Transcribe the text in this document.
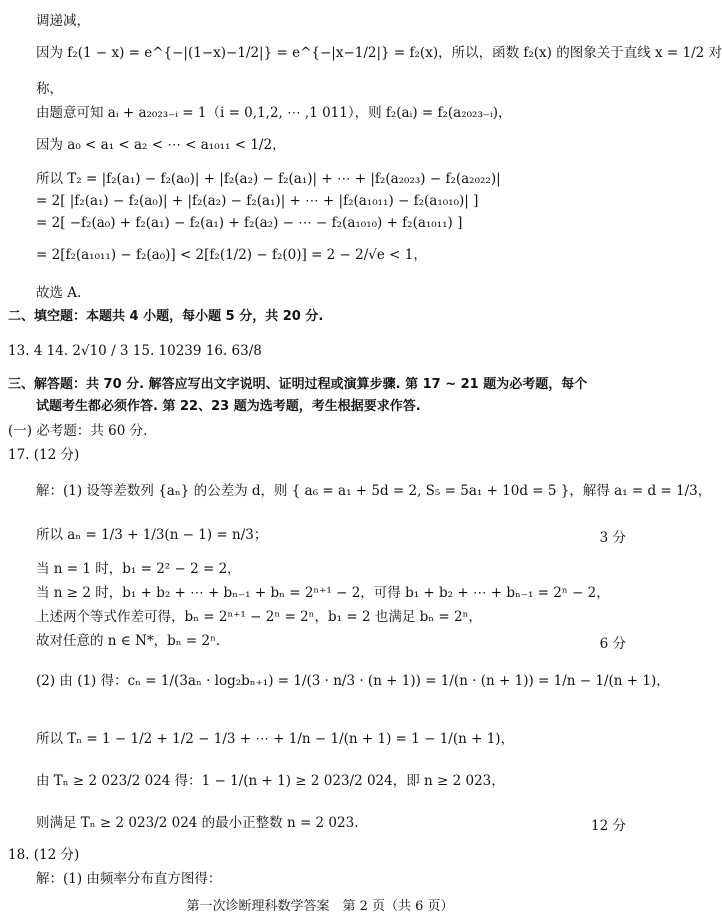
调递减，
因为 f₂(1 − x) = e^{−|(1−x)−1/2|} = e^{−|x−1/2|} = f₂(x)，所以，函数 f₂(x) 的图象关于直线 x = 1/2 对
称，
由题意可知 aᵢ + a₂₀₂₃₋ᵢ = 1（i = 0,1,2, ⋯ ,1 011），则 f₂(aᵢ) = f₂(a₂₀₂₃₋ᵢ)，
因为 a₀ < a₁ < a₂ < ⋯ < a₁₀₁₁ < 1/2，
所以 T₂ = |f₂(a₁) − f₂(a₀)| + |f₂(a₂) − f₂(a₁)| + ⋯ + |f₂(a₂₀₂₃) − f₂(a₂₀₂₂)|
= 2[ |f₂(a₁) − f₂(a₀)| + |f₂(a₂) − f₂(a₁)| + ⋯ + |f₂(a₁₀₁₁) − f₂(a₁₀₁₀)| ]
= 2[ −f₂(a₀) + f₂(a₁) − f₂(a₁) + f₂(a₂) − ⋯ − f₂(a₁₀₁₀) + f₂(a₁₀₁₁) ]
= 2[f₂(a₁₀₁₁) − f₂(a₀)] < 2[f₂(1/2) − f₂(0)] = 2 − 2/√e < 1，
故选 A.
二、填空题：本题共 4 小题，每小题 5 分，共 20 分.
13. 4 14. 2√10 / 3 15. 10239 16. 63/8
三、解答题：共 70 分. 解答应写出文字说明、证明过程或演算步骤. 第 17 ~ 21 题为必考题，每个
试题考生都必须作答. 第 22、23 题为选考题，考生根据要求作答.
(一) 必考题：共 60 分.
17. (12 分)
解：(1) 设等差数列 {aₙ} 的公差为 d，则 { a₆ = a₁ + 5d = 2, S₅ = 5a₁ + 10d = 5 }，解得 a₁ = d = 1/3，
所以 aₙ = 1/3 + 1/3(n − 1) = n/3；	3 分
当 n = 1 时，b₁ = 2² − 2 = 2，
当 n ≥ 2 时，b₁ + b₂ + ⋯ + bₙ₋₁ + bₙ = 2ⁿ⁺¹ − 2，可得 b₁ + b₂ + ⋯ + bₙ₋₁ = 2ⁿ − 2，
上述两个等式作差可得，bₙ = 2ⁿ⁺¹ − 2ⁿ = 2ⁿ，b₁ = 2 也满足 bₙ = 2ⁿ，
故对任意的 n ∈ N*，bₙ = 2ⁿ.	6 分
(2) 由 (1) 得：cₙ = 1/(3aₙ · log₂bₙ₊₁) = 1/(3 · n/3 · (n + 1)) = 1/(n · (n + 1)) = 1/n − 1/(n + 1)，
所以 Tₙ = 1 − 1/2 + 1/2 − 1/3 + ⋯ + 1/n − 1/(n + 1) = 1 − 1/(n + 1)，
由 Tₙ ≥ 2 023/2 024 得：1 − 1/(n + 1) ≥ 2 023/2 024，即 n ≥ 2 023，
则满足 Tₙ ≥ 2 023/2 024 的最小正整数 n = 2 023.	12 分
18. (12 分)
解：(1) 由频率分布直方图得：
第一次诊断理科数学答案　第 2 页（共 6 页）
